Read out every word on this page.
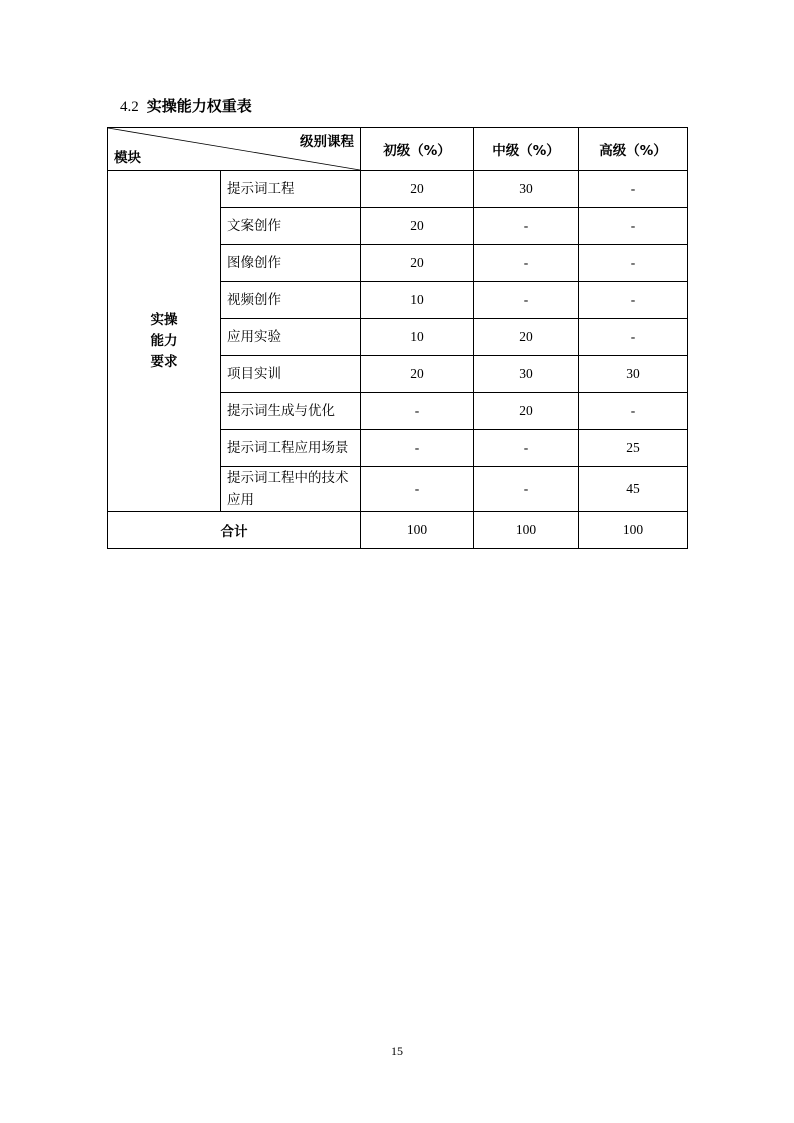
4.2 实操能力权重表
级别课程
模块		初级（%）	中级（%）	高级（%）

实操
能力
要求	提示词工程	20	30	-
	文案创作	20	-	-
	图像创作	20	-	-
	视频创作	10	-	-
	应用实验	10	20	-
	项目实训	20	30	30
	提示词生成与优化	-	20	-
	提示词工程应用场景	-	-	25
	提示词工程中的技术应用	-	-	45
合计		100	100	100
15
